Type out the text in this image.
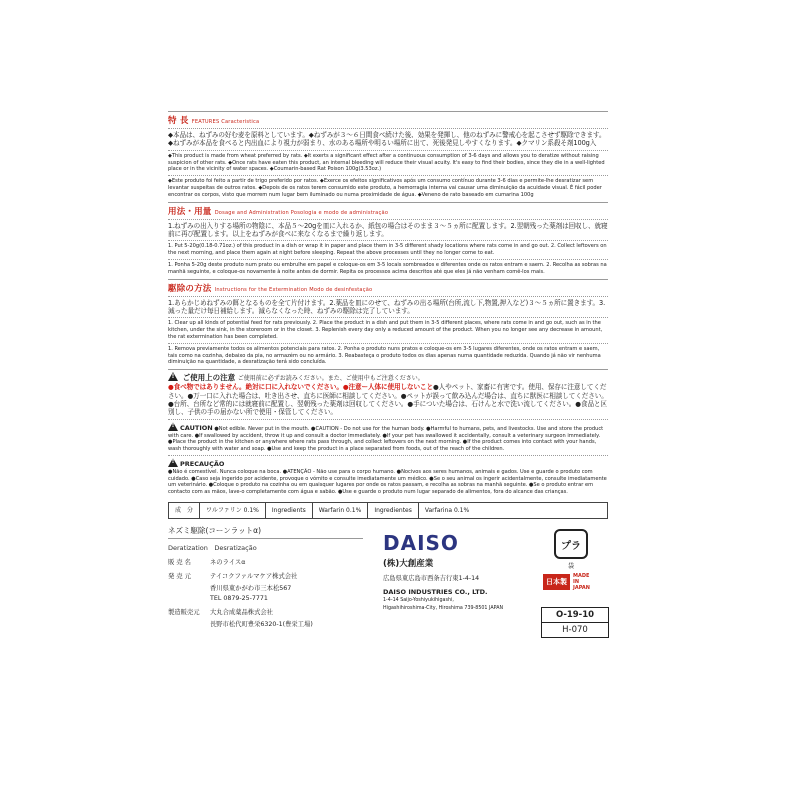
特 長 FEATURES Caracteristica
◆本品は、ねずみの好む麦を原料としています。◆ねずみが３～６日間食べ続けた後、効果を発揮し、他のねずみに警戒心を起こさせず駆除できます。◆ねずみが本品を食べると内出血により視力が弱まり、水のある場所や明るい場所に出て、死後発見しやすくなります。◆クマリン系殺そ剤100g入
◆This product is made from wheat preferred by rats. ◆It exerts a significant effect after a continuous consumption of 3-6 days and allows you to deratize without raising suspicion of other rats. ◆Once rats have eaten this product, an internal bleeding will reduce their visual acuity. It's easy to find their bodies, since they die in a well-lighted place or in the vicinity of water spaces. ◆Coumarin-based Rat Poison 100g(3.53oz.)
◆Este produto foi feito a partir de trigo preferido por ratos. ◆Exerce os efeitos significativos após um consumo contínuo durante 3-6 dias e permite-lhe desratizar sem levantar suspeitas de outros ratos. ◆Depois de os ratos terem consumido este produto, a hemorragia interna vai causar uma diminuição da acuidade visual. É fácil poder encontrar os corpos, visto que morrem num lugar bem iluminado ou numa proximidade de água. ◆Veneno de rato baseado em cumarina 100g
用法・用量 Dosage and Administration Posologia e modo de administração
1.ねずみの出入りする場所の物陰に、本品５～20gを皿に入れるか、紙包の場合はそのまま３～５ヵ所に配置します。2.翌朝残った薬剤は回収し、就寝前に再び配置します。以上をねずみが食べに来なくなるまで繰り返します。
1. Put 5-20g(0.18-0.71oz.) of this product in a dish or wrap it in paper and place them in 3-5 different shady locations where rats come in and go out. 2. Collect leftovers on the next morning, and place them again at night before sleeping. Repeat the above processes until they no longer come to eat.
1. Ponha 5-20g deste produto num prato ou embrulhe em papel e coloque-os em 3-5 locais sombreados e diferentes onde os ratos entram e saem. 2. Recolha as sobras na manhã seguinte, e coloque-os novamente à noite antes de dormir. Repita os processos acima descritos até que eles já não venham comê-los mais.
駆除の方法 Instructions for the Extermination Modo de desinfestação
1.あらかじめねずみの餌となるものを全て片付けます。2.薬品を皿にのせて、ねずみの出る場所(台所,流し下,物置,押入など)３～５ヵ所に置きます。3.減った量だけ毎日補給します。減らなくなった時、ねずみの駆除は完了しています。
1. Clear up all kinds of potential feed for rats previously. 2. Place the product in a dish and put them in 3-5 different places, where rats come in and go out, such as in the kitchen, under the sink, in the storeroom or in the closet. 3. Replenish every day only a reduced amount of the product. When you no longer see any decrease in amount, the rat extermination has been completed.
1. Remova previamente todos os alimentos potenciais para ratos. 2. Ponha o produto nuns pratos e coloque-os em 3-5 lugares diferentes, onde os ratos entram e saem, tais como na cozinha, debaixo da pia, no armazém ou no armário. 3. Reabasteça o produto todos os dias apenas numa quantidade reduzida. Quando já não vir nenhuma diminuição na quantidade, a desratização terá sido concluída.
! ご使用上の注意 ご使用前に必ずお読みください。また、ご使用中もご注意ください。
●食べ物ではありません。絶対に口に入れないでください。●注意ー人体に使用しないこと●人やペット、家畜に有害です。使用、保存に注意してください。●万一口に入れた場合は、吐き出させ、直ちに医師に相談してください。●ペットが誤って飲み込んだ場合は、直ちに獣医に相談してください。●台所、台所など常的には就寝前に配置し、翌朝残った薬剤は回収してください。●手についた場合は、石けんと水で洗い流してください。●食品と区別し、子供の手の届かない所で使用・保管してください。
!CAUTION ●Not edible. Never put in the mouth. ●CAUTION - Do not use for the human body. ●Harmful to humans, pets, and livestocks. Use and store the product with care. ●If swallowed by accident, throw it up and consult a doctor immediately. ●If your pet has swallowed it accidentally, consult a veterinary surgeon immediately. ●Place the product in the kitchen or anywhere where rats pass through, and collect leftovers on the next morning. ●If the product comes into contact with your hands, wash thoroughly with water and soap. ●Use and keep the product in a place separated from foods, out of the reach of the children.
!PRECAUÇÃO
●Não é comestível. Nunca coloque na boca. ●ATENÇÃO - Não use para o corpo humano. ●Nocivos aos seres humanos, animais e gados. Use e guarde o produto com cuidado. ●Caso seja ingerido por acidente, provoque o vómito e consulte imediatamente um médico. ●Se o seu animal os ingerir acidentalmente, consulte imediatamente um veterinário. ●Coloque o produto na cozinha ou em quaisquer lugares por onde os ratos passam, e recolha as sobras na manhã seguinte. ●Se o produto entrar em contacto com as mãos, lave-o completamente com água e sabão. ●Use e guarde o produto num lugar separado de alimentos, fora do alcance das crianças.
成　分	ワルファリン 0.1%	Ingredients	Warfarin 0.1%	Ingredientes	Varfarina 0.1%
ネズミ駆除(コーンラットα)
Deratization　Desratização
販 売 名	ネのライスα
発 売 元	テイコクファルマケア株式会社
香川県東かがわ市三本松567
TEL 0879-25-7771
製造販売元	大丸合成薬品株式会社
長野市松代町豊栄6320-1(豊栄工場)
DAISO
(株)大創産業
広島県東広島市西条吉行東1-4-14
DAISO INDUSTRIES CO., LTD.
1-4-14 Saijo-Yoshiyukihigashi,
Higashihiroshima-City, Hiroshima 739-8501 JAPAN
プラ
袋
日本製
MADE
IN
JAPAN
O-19-10
H-070
